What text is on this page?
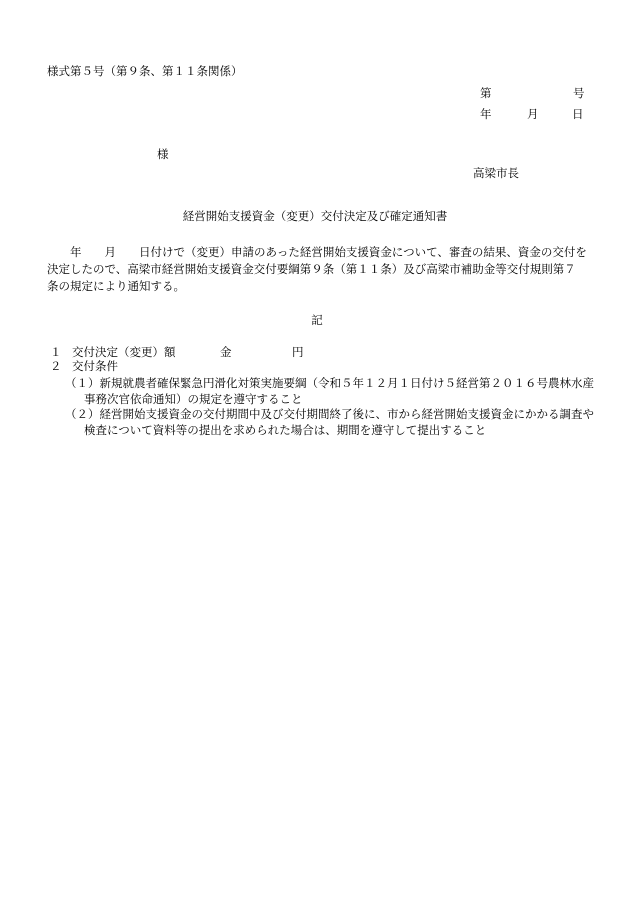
様式第５号（第９条、第１１条関係）
第	号
年	月	日
様
高梁市長
経営開始支援資金（変更）交付決定及び確定通知書
年　　月　　日付けで（変更）申請のあった経営開始支援資金について、審査の結果、資金の交付を決定したので、高梁市経営開始支援資金交付要綱第９条（第１１条）及び高梁市補助金等交付規則第７条の規定により通知する。
記
１ 交付決定（変更）額	金	円
２ 交付条件
（１）新規就農者確保緊急円滑化対策実施要綱（令和５年１２月１日付け５経営第２０１６号農林水産事務次官依命通知）の規定を遵守すること
（２）経営開始支援資金の交付期間中及び交付期間終了後に、市から経営開始支援資金にかかる調査や検査について資料等の提出を求められた場合は、期間を遵守して提出すること
